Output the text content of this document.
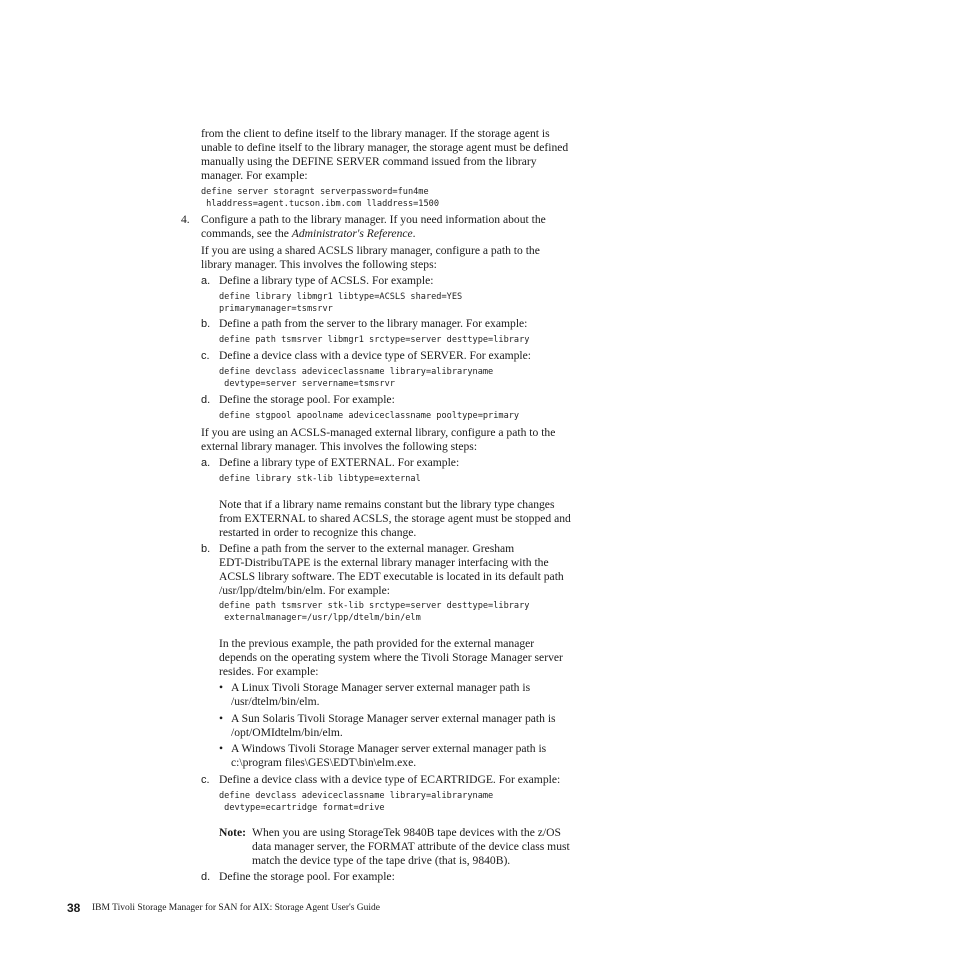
from the client to define itself to the library manager. If the storage agent is
unable to define itself to the library manager, the storage agent must be defined
manually using the DEFINE SERVER command issued from the library
manager. For example:
define server storagnt serverpassword=fun4me
hladdress=agent.tucson.ibm.com lladdress=1500
4. Configure a path to the library manager. If you need information about the
commands, see the Administrator's Reference.
If you are using a shared ACSLS library manager, configure a path to the
library manager. This involves the following steps:
a. Define a library type of ACSLS. For example:
define library libmgr1 libtype=ACSLS shared=YES
primarymanager=tsmsrvr
b. Define a path from the server to the library manager. For example:
define path tsmsrver libmgr1 srctype=server desttype=library
c. Define a device class with a device type of SERVER. For example:
define devclass adeviceclassname library=alibraryname
devtype=server servername=tsmsrvr
d. Define the storage pool. For example:
define stgpool apoolname adeviceclassname pooltype=primary
If you are using an ACSLS-managed external library, configure a path to the
external library manager. This involves the following steps:
a. Define a library type of EXTERNAL. For example:
define library stk-lib libtype=external
Note that if a library name remains constant but the library type changes
from EXTERNAL to shared ACSLS, the storage agent must be stopped and
restarted in order to recognize this change.
b. Define a path from the server to the external manager. Gresham
EDT-DistribuTAPE is the external library manager interfacing with the
ACSLS library software. The EDT executable is located in its default path
/usr/lpp/dtelm/bin/elm. For example:
define path tsmsrver stk-lib srctype=server desttype=library
externalmanager=/usr/lpp/dtelm/bin/elm
In the previous example, the path provided for the external manager
depends on the operating system where the Tivoli Storage Manager server
resides. For example:
• A Linux Tivoli Storage Manager server external manager path is
/usr/dtelm/bin/elm.
• A Sun Solaris Tivoli Storage Manager server external manager path is
/opt/OMIdtelm/bin/elm.
• A Windows Tivoli Storage Manager server external manager path is
c:\program files\GES\EDT\bin\elm.exe.
c. Define a device class with a device type of ECARTRIDGE. For example:
define devclass adeviceclassname library=alibraryname
devtype=ecartridge format=drive
Note: When you are using StorageTek 9840B tape devices with the z/OS
data manager server, the FORMAT attribute of the device class must
match the device type of the tape drive (that is, 9840B).
d. Define the storage pool. For example:
38 IBM Tivoli Storage Manager for SAN for AIX: Storage Agent User's Guide
